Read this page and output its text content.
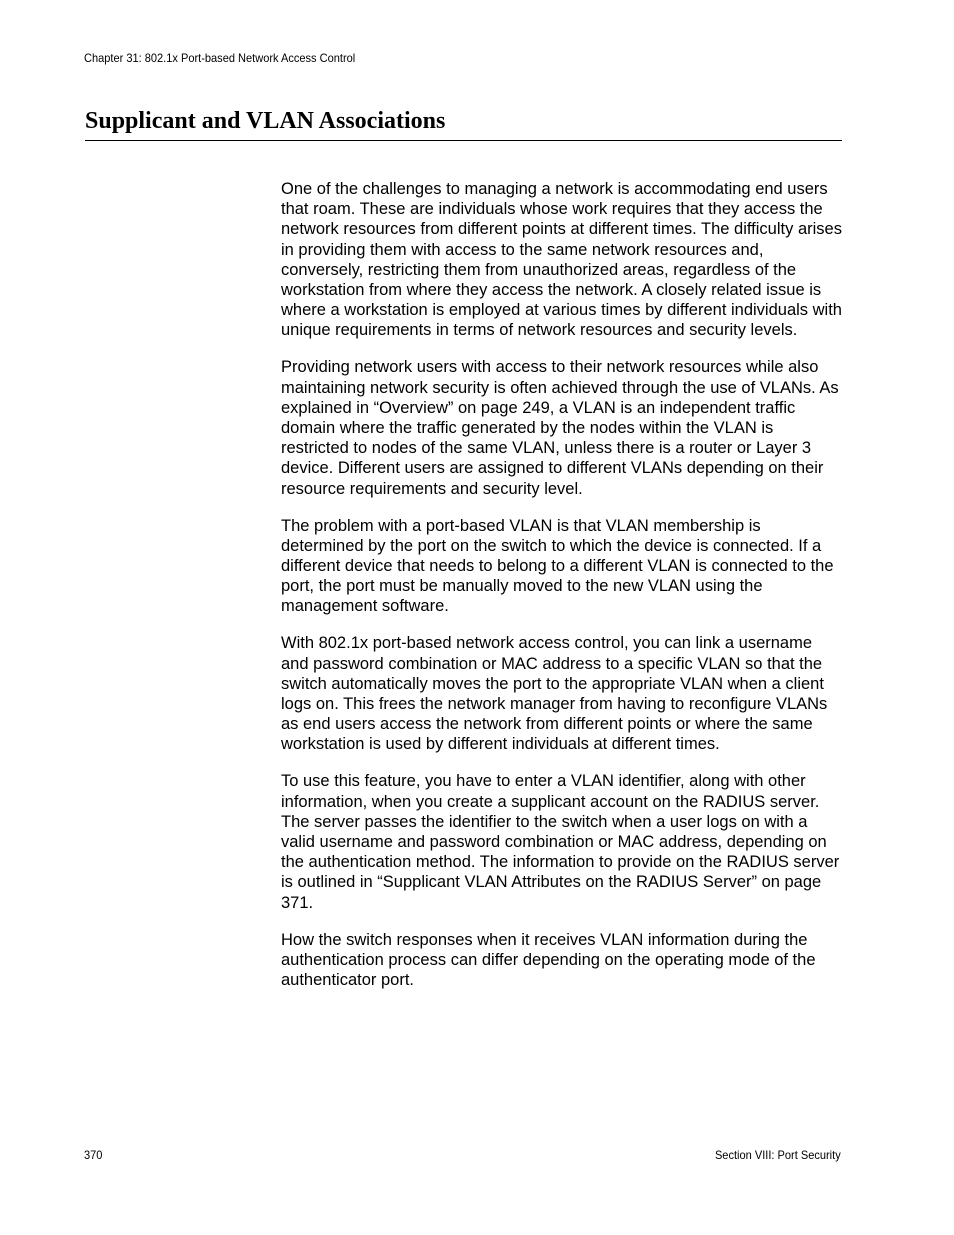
Chapter 31: 802.1x Port-based Network Access Control
Supplicant and VLAN Associations

One of the challenges to managing a network is accommodating end users that roam. These are individuals whose work requires that they access the network resources from different points at different times. The difficulty arises in providing them with access to the same network resources and, conversely, restricting them from unauthorized areas, regardless of the workstation from where they access the network. A closely related issue is where a workstation is employed at various times by different individuals with unique requirements in terms of network resources and security levels.

Providing network users with access to their network resources while also maintaining network security is often achieved through the use of VLANs. As explained in “Overview” on page 249, a VLAN is an independent traffic domain where the traffic generated by the nodes within the VLAN is restricted to nodes of the same VLAN, unless there is a router or Layer 3 device. Different users are assigned to different VLANs depending on their resource requirements and security level.

The problem with a port-based VLAN is that VLAN membership is determined by the port on the switch to which the device is connected. If a different device that needs to belong to a different VLAN is connected to the port, the port must be manually moved to the new VLAN using the management software.

With 802.1x port-based network access control, you can link a username and password combination or MAC address to a specific VLAN so that the switch automatically moves the port to the appropriate VLAN when a client logs on. This frees the network manager from having to reconfigure VLANs as end users access the network from different points or where the same workstation is used by different individuals at different times.

To use this feature, you have to enter a VLAN identifier, along with other information, when you create a supplicant account on the RADIUS server. The server passes the identifier to the switch when a user logs on with a valid username and password combination or MAC address, depending on the authentication method. The information to provide on the RADIUS server is outlined in “Supplicant VLAN Attributes on the RADIUS Server” on page 371.

How the switch responses when it receives VLAN information during the authentication process can differ depending on the operating mode of the authenticator port.

370	Section VIII: Port Security
